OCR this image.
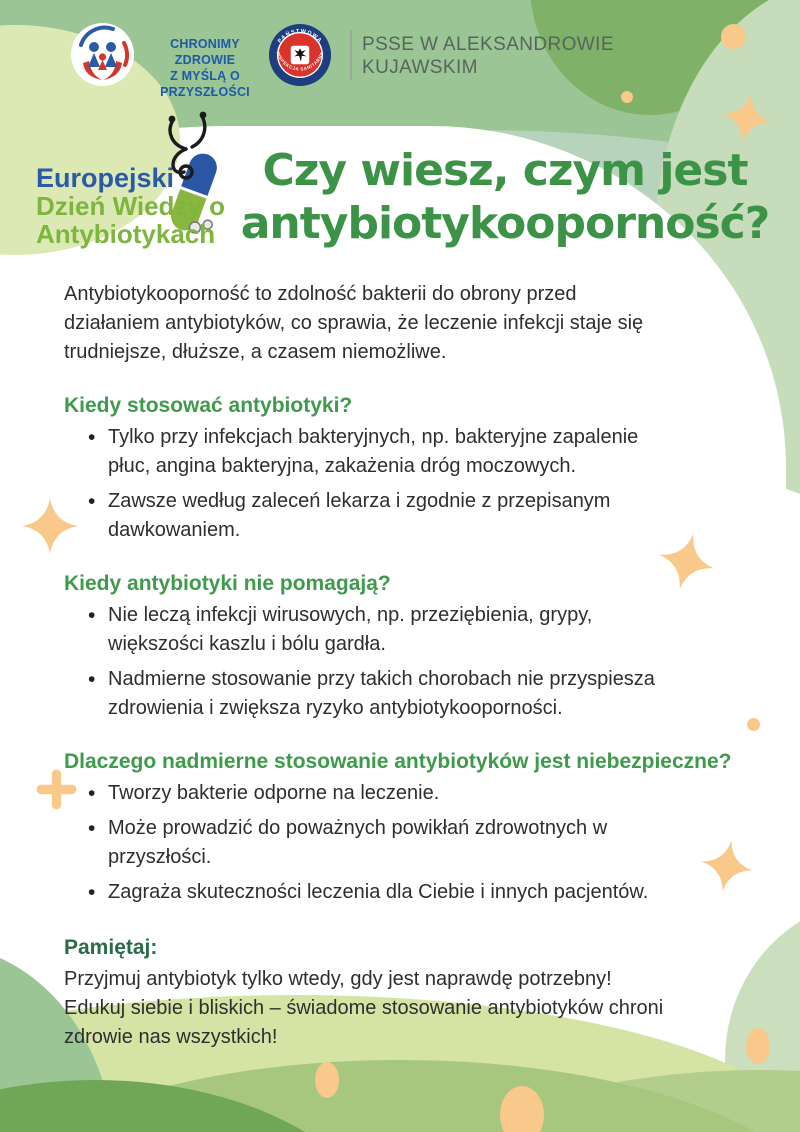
CHRONIMY ZDROWIE
Z MYŚLĄ O PRZYSZŁOŚCI
PAŃSTWOWA
INSPEKCJA SANITARNA PSSE W ALEKSANDROWIE
KUJAWSKIM
Europejski
Dzień Wiedzy o
Antybiotykach
Czy wiesz, czym jest
antybiotykooporność?

Antybiotykooporność to zdolność bakterii do obrony przed działaniem antybiotyków, co sprawia, że leczenie infekcji staje się trudniejsze, dłuższe, a czasem niemożliwe.

Kiedy stosować antybiotyki?
• Tylko przy infekcjach bakteryjnych, np. bakteryjne zapalenie płuc, angina bakteryjna, zakażenia dróg moczowych.
• Zawsze według zaleceń lekarza i zgodnie z przepisanym dawkowaniem.
Kiedy antybiotyki nie pomagają?
• Nie leczą infekcji wirusowych, np. przeziębienia, grypy, większości kaszlu i bólu gardła.
• Nadmierne stosowanie przy takich chorobach nie przyspiesza zdrowienia i zwiększa ryzyko antybiotykooporności.
Dlaczego nadmierne stosowanie antybiotyków jest niebezpieczne?
• Tworzy bakterie odporne na leczenie.
• Może prowadzić do poważnych powikłań zdrowotnych w przyszłości.
• Zagraża skuteczności leczenia dla Ciebie i innych pacjentów.
Pamiętaj:

Przyjmuj antybiotyk tylko wtedy, gdy jest naprawdę potrzebny!

Edukuj siebie i bliskich – świadome stosowanie antybiotyków chroni zdrowie nas wszystkich!
